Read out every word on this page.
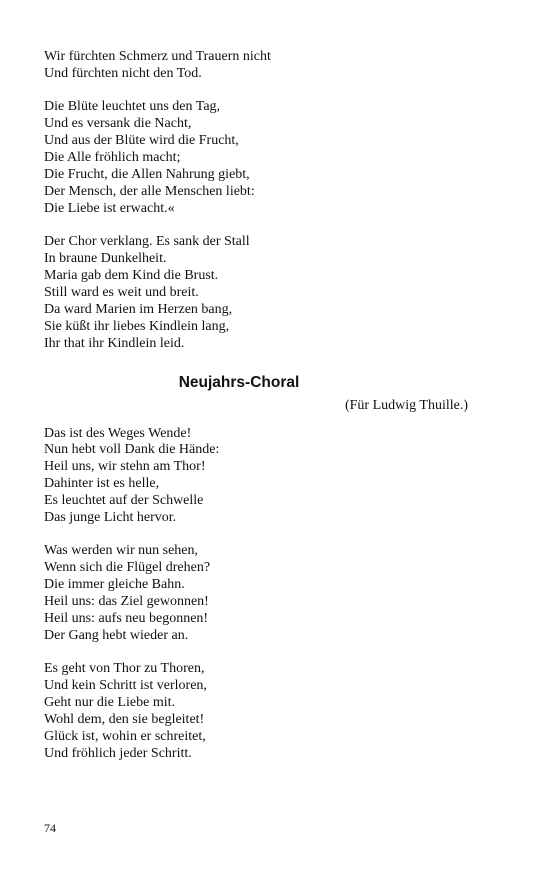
Wir fürchten Schmerz und Trauern nicht
Und fürchten nicht den Tod.
Die Blüte leuchtet uns den Tag,
Und es versank die Nacht,
Und aus der Blüte wird die Frucht,
Die Alle fröhlich macht;
Die Frucht, die Allen Nahrung giebt,
Der Mensch, der alle Menschen liebt:
Die Liebe ist erwacht.«
Der Chor verklang. Es sank der Stall
In braune Dunkelheit.
Maria gab dem Kind die Brust.
Still ward es weit und breit.
Da ward Marien im Herzen bang,
Sie küßt ihr liebes Kindlein lang,
Ihr that ihr Kindlein leid.
Neujahrs-Choral
(Für Ludwig Thuille.)
Das ist des Weges Wende!
Nun hebt voll Dank die Hände:
Heil uns, wir stehn am Thor!
Dahinter ist es helle,
Es leuchtet auf der Schwelle
Das junge Licht hervor.
Was werden wir nun sehen,
Wenn sich die Flügel drehen?
Die immer gleiche Bahn.
Heil uns: das Ziel gewonnen!
Heil uns: aufs neu begonnen!
Der Gang hebt wieder an.
Es geht von Thor zu Thoren,
Und kein Schritt ist verloren,
Geht nur die Liebe mit.
Wohl dem, den sie begleitet!
Glück ist, wohin er schreitet,
Und fröhlich jeder Schritt.
74
